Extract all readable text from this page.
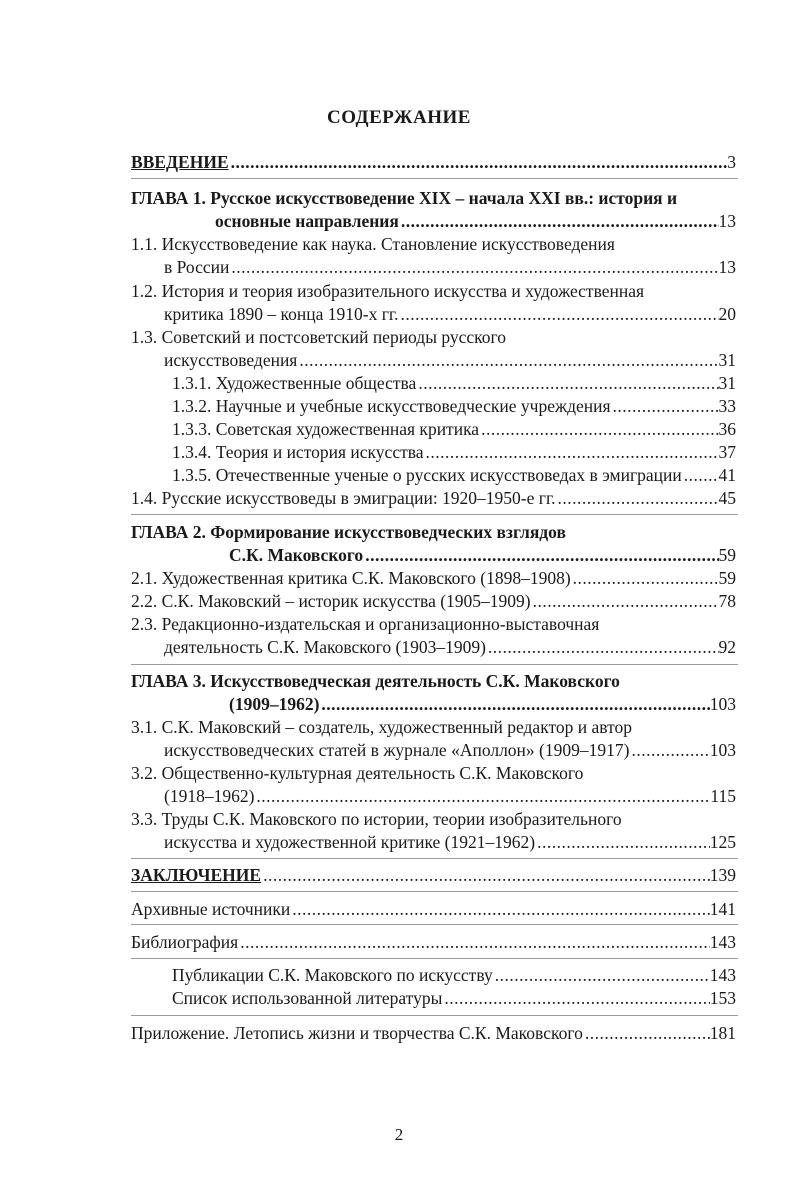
СОДЕРЖАНИЕ
ВВЕДЕНИЕ .....	3
ГЛАВА 1. Русское искусствоведение XIX – начала XXI вв.: история и
основные направления .....	13
1.1. Искусствоведение как наука. Становление искусствоведения
в России .....	13
1.2. История и теория изобразительного искусства и художественная
критика 1890 – конца 1910-х гг. .....	20
1.3. Советский и постсоветский периоды русского
искусствоведения .....	31
1.3.1. Художественные общества .....	31
1.3.2. Научные и учебные искусствоведческие учреждения .....	33
1.3.3. Советская художественная критика .....	36
1.3.4. Теория и история искусства .....	37
1.3.5. Отечественные ученые о русских искусствоведах в эмиграции ..... 41
1.4. Русские искусствоведы в эмиграции: 1920–1950-е гг. .....	45
ГЛАВА 2. Формирование искусствоведческих взглядов
С.К. Маковского .....	59
2.1. Художественная критика С.К. Маковского (1898–1908) .....	59
2.2. С.К. Маковский – историк искусства (1905–1909) .....	78
2.3. Редакционно-издательская и организационно-выставочная
деятельность С.К. Маковского (1903–1909) .....	92
ГЛАВА 3. Искусствоведческая деятельность С.К. Маковского
(1909–1962) .....	103
3.1. С.К. Маковский – создатель, художественный редактор и автор
искусствоведческих статей в журнале «Аполлон» (1909–1917) .....	103
3.2. Общественно-культурная деятельность С.К. Маковского
(1918–1962) .....	115
3.3. Труды С.К. Маковского по истории, теории изобразительного
искусства и художественной критике (1921–1962) .....	125
ЗАКЛЮЧЕНИЕ .....	139
Архивные источники .....	141
Библиография .....	143
Публикации С.К. Маковского по искусству .....	143
Список использованной литературы .....	153
Приложение. Летопись жизни и творчества С.К. Маковского .....	181
2
